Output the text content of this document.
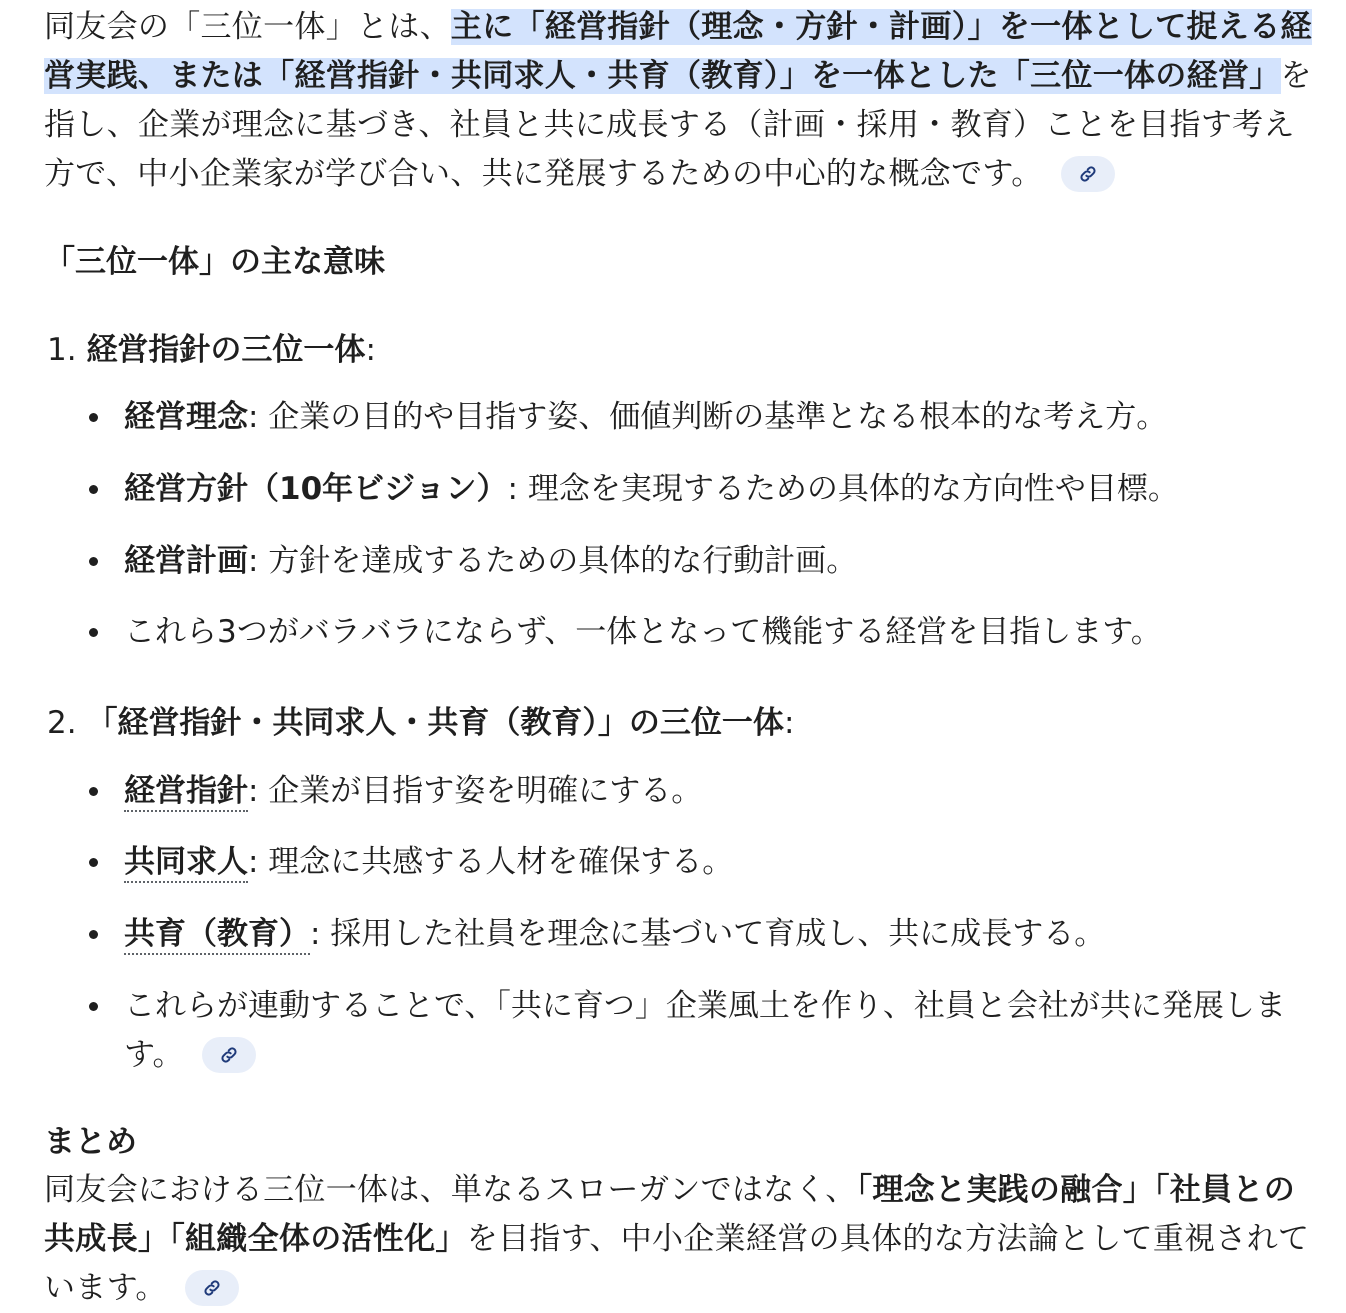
同友会の「三位一体」とは、主に「経営指針（理念・方針・計画）」を一体として捉える経営実践、または「経営指針・共同求人・共育（教育）」を一体とした「三位一体の経営」を指し、企業が理念に基づき、社員と共に成長する（計画・採用・教育）ことを目指す考え方で、中小企業家が学び合い、共に発展するための中心的な概念です。

「三位一体」の主な意味

1. 経営指針の三位一体:

経営理念: 企業の目的や目指す姿、価値判断の基準となる根本的な考え方。

経営方針（10年ビジョン）: 理念を実現するための具体的な方向性や目標。

経営計画: 方針を達成するための具体的な行動計画。

これら3つがバラバラにならず、一体となって機能する経営を目指します。

2. 「経営指針・共同求人・共育（教育）」の三位一体:

経営指針: 企業が目指す姿を明確にする。

共同求人: 理念に共感する人材を確保する。

共育（教育）: 採用した社員を理念に基づいて育成し、共に成長する。

これらが連動することで、「共に育つ」企業風土を作り、社員と会社が共に発展します。

まとめ

同友会における三位一体は、単なるスローガンではなく、「理念と実践の融合」「社員との共成長」「組織全体の活性化」を目指す、中小企業経営の具体的な方法論として重視されています。
